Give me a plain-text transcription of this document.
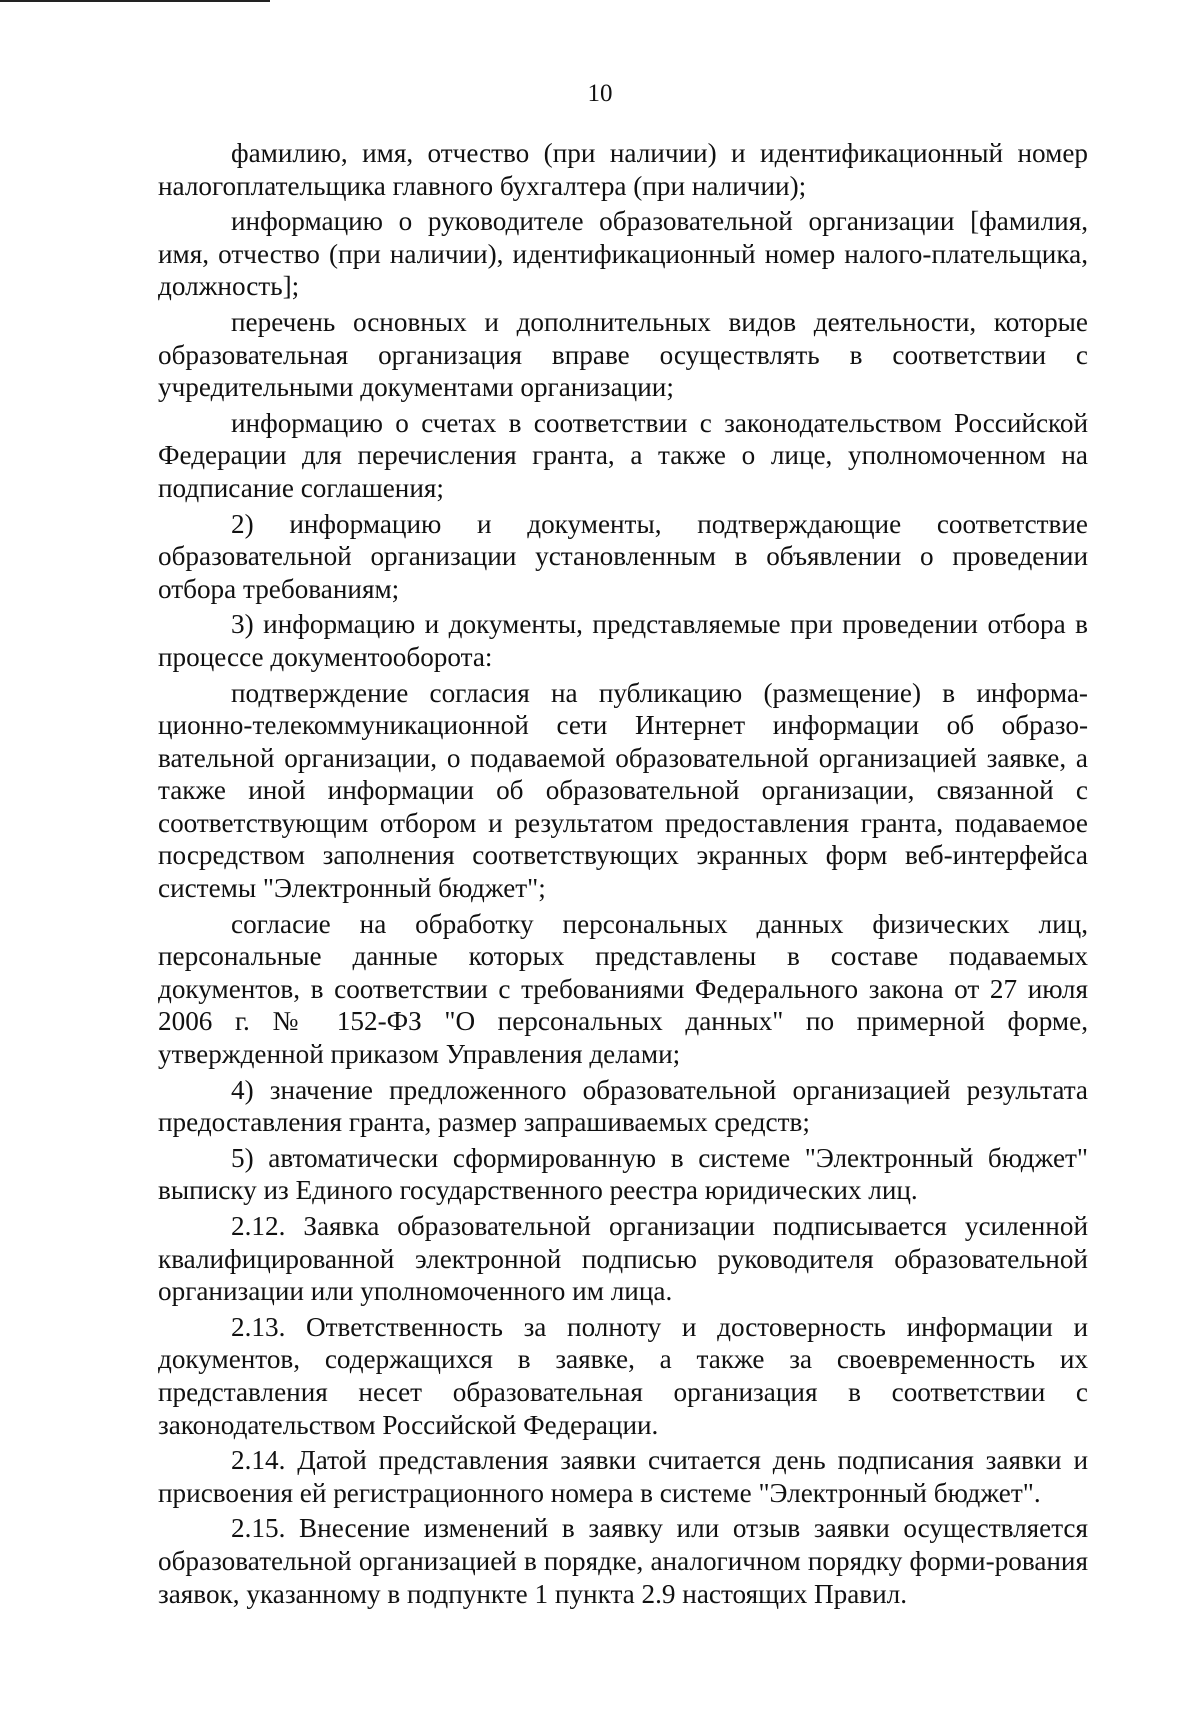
10

фамилию, имя, отчество (при наличии) и идентификационный номер налогоплательщика главного бухгалтера (при наличии);

информацию о руководителе образовательной организации [фамилия, имя, отчество (при наличии), идентификационный номер налого-плательщика, должность];

перечень основных и дополнительных видов деятельности, которые образовательная организация вправе осуществлять в соответствии с учредительными документами организации;

информацию о счетах в соответствии с законодательством Российской Федерации для перечисления гранта, а также о лице, уполномоченном на подписание соглашения;

2) информацию и документы, подтверждающие соответствие образовательной организации установленным в объявлении о проведении отбора требованиям;

3) информацию и документы, представляемые при проведении отбора в процессе документооборота:

подтверждение согласия на публикацию (размещение) в информа-ционно-телекоммуникационной сети Интернет информации об образо-вательной организации, о подаваемой образовательной организацией заявке, а также иной информации об образовательной организации, связанной с соответствующим отбором и результатом предоставления гранта, подаваемое посредством заполнения соответствующих экранных форм веб-интерфейса системы "Электронный бюджет";

согласие на обработку персональных данных физических лиц, персональные данные которых представлены в составе подаваемых документов, в соответствии с требованиями Федерального закона от 27 июля 2006 г. № 152-ФЗ "О персональных данных" по примерной форме, утвержденной приказом Управления делами;

4) значение предложенного образовательной организацией результата предоставления гранта, размер запрашиваемых средств;

5) автоматически сформированную в системе "Электронный бюджет" выписку из Единого государственного реестра юридических лиц.

2.12. Заявка образовательной организации подписывается усиленной квалифицированной электронной подписью руководителя образовательной организации или уполномоченного им лица.

2.13. Ответственность за полноту и достоверность информации и документов, содержащихся в заявке, а также за своевременность их представления несет образовательная организация в соответствии с законодательством Российской Федерации.

2.14. Датой представления заявки считается день подписания заявки и присвоения ей регистрационного номера в системе "Электронный бюджет".

2.15. Внесение изменений в заявку или отзыв заявки осуществляется образовательной организацией в порядке, аналогичном порядку форми-рования заявок, указанному в подпункте 1 пункта 2.9 настоящих Правил.
